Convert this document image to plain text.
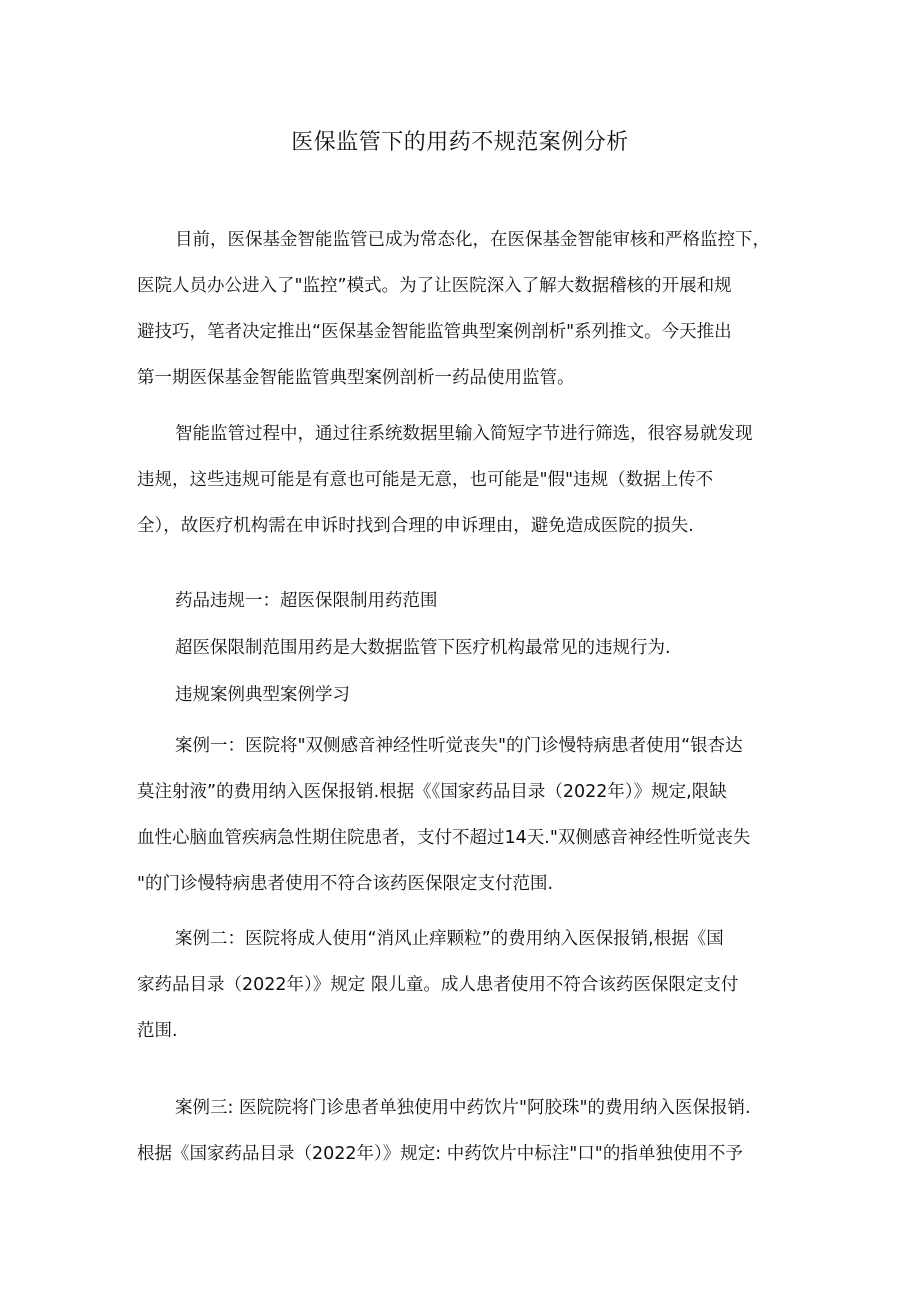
医保监管下的用药不规范案例分析
目前，医保基金智能监管已成为常态化，在医保基金智能审核和严格监控下，
医院人员办公进入了"监控”模式。为了让医院深入了解大数据稽核的开展和规
避技巧，笔者决定推出“医保基金智能监管典型案例剖析"系列推文。今天推出
第一期医保基金智能监管典型案例剖析一药品使用监管。
智能监管过程中，通过往系统数据里输入简短字节进行筛选，很容易就发现
违规，这些违规可能是有意也可能是无意，也可能是"假"违规（数据上传不
全），故医疗机构需在申诉时找到合理的申诉理由，避免造成医院的损失.
药品违规一：超医保限制用药范围
超医保限制范围用药是大数据监管下医疗机构最常见的违规行为.
违规案例典型案例学习
案例一：医院将"双侧感音神经性听觉丧失"的门诊慢特病患者使用“银杏达
莫注射液”的费用纳入医保报销.根据《《国家药品目录（2022年）》规定,限缺
血性心脑血管疾病急性期住院患者，支付不超过14天."双侧感音神经性听觉丧失
"的门诊慢特病患者使用不符合该药医保限定支付范围.
案例二：医院将成人使用“消风止痒颗粒”的费用纳入医保报销,根据《国
家药品目录（2022年）》规定 限儿童。成人患者使用不符合该药医保限定支付
范围.
案例三: 医院院将门诊患者单独使用中药饮片"阿胶珠"的费用纳入医保报销.
根据《国家药品目录（2022年）》规定: 中药饮片中标注"口"的指单独使用不予
